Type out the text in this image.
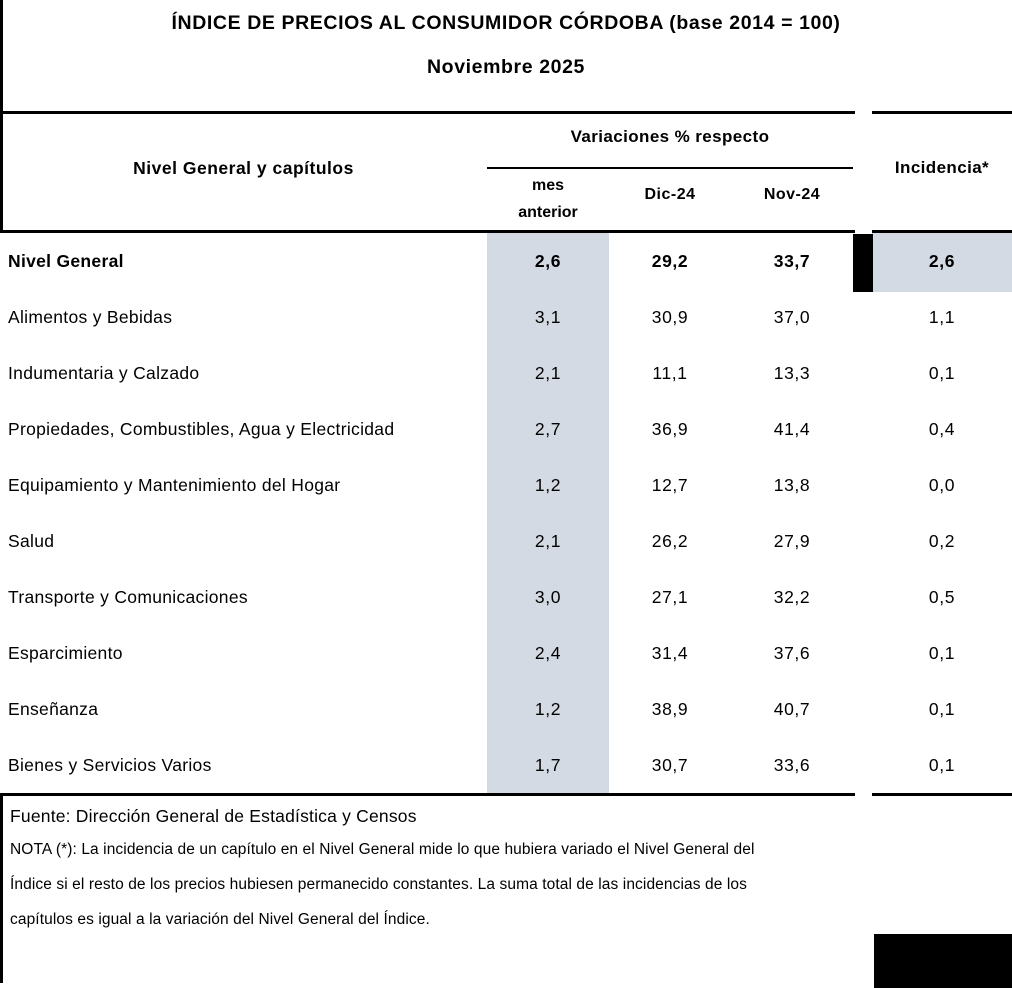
ÍNDICE DE PRECIOS AL CONSUMIDOR CÓRDOBA (base 2014 = 100)
Noviembre 2025
Nivel General y capítulos
Variaciones % respecto
Incidencia*
mes
anterior
Dic-24	Nov-24
Nivel General	2,6	29,2	33,7	2,6
Alimentos y Bebidas	3,1	30,9	37,0	1,1
Indumentaria y Calzado	2,1	11,1	13,3	0,1
Propiedades, Combustibles, Agua y Electricidad	2,7	36,9	41,4	0,4
Equipamiento y Mantenimiento del Hogar	1,2	12,7	13,8	0,0
Salud	2,1	26,2	27,9	0,2
Transporte y Comunicaciones	3,0	27,1	32,2	0,5
Esparcimiento	2,4	31,4	37,6	0,1
Enseñanza	1,2	38,9	40,7	0,1
Bienes y Servicios Varios	1,7	30,7	33,6	0,1
Fuente: Dirección General de Estadística y Censos
NOTA (*): La incidencia de un capítulo en el Nivel General mide lo que hubiera variado el Nivel General del
Índice si el resto de los precios hubiesen permanecido constantes. La suma total de las incidencias de los
capítulos es igual a la variación del Nivel General del Índice.
